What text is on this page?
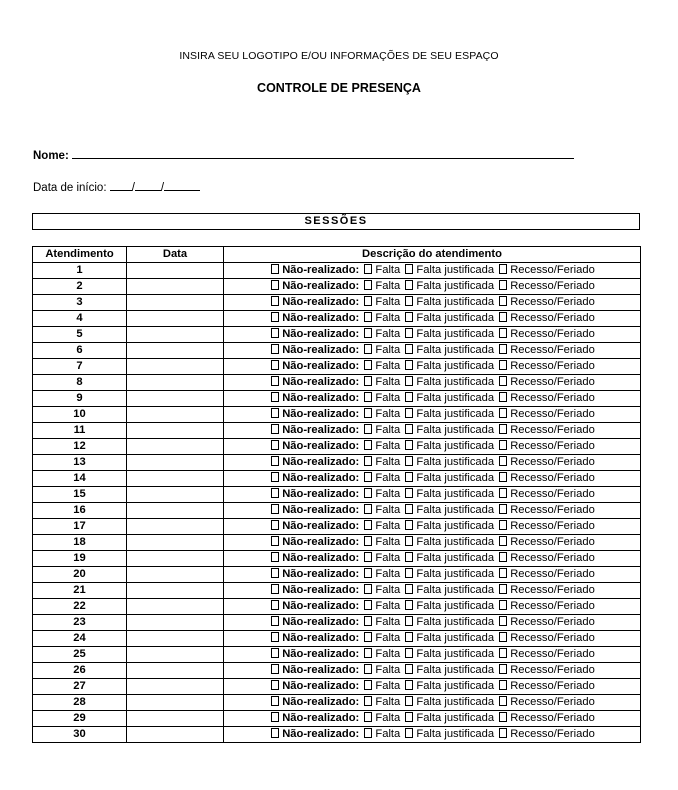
INSIRA SEU LOGOTIPO E/OU INFORMAÇÕES DE SEU ESPAÇO
CONTROLE DE PRESENÇA
Nome:
Data de início: / /
SESSÕES
Atendimento	Data	Descrição do atendimento
1		Não-realizado: Falta Falta justificada Recesso/Feriado
2		Não-realizado: Falta Falta justificada Recesso/Feriado
3		Não-realizado: Falta Falta justificada Recesso/Feriado
4		Não-realizado: Falta Falta justificada Recesso/Feriado
5		Não-realizado: Falta Falta justificada Recesso/Feriado
6		Não-realizado: Falta Falta justificada Recesso/Feriado
7		Não-realizado: Falta Falta justificada Recesso/Feriado
8		Não-realizado: Falta Falta justificada Recesso/Feriado
9		Não-realizado: Falta Falta justificada Recesso/Feriado
10		Não-realizado: Falta Falta justificada Recesso/Feriado
11		Não-realizado: Falta Falta justificada Recesso/Feriado
12		Não-realizado: Falta Falta justificada Recesso/Feriado
13		Não-realizado: Falta Falta justificada Recesso/Feriado
14		Não-realizado: Falta Falta justificada Recesso/Feriado
15		Não-realizado: Falta Falta justificada Recesso/Feriado
16		Não-realizado: Falta Falta justificada Recesso/Feriado
17		Não-realizado: Falta Falta justificada Recesso/Feriado
18		Não-realizado: Falta Falta justificada Recesso/Feriado
19		Não-realizado: Falta Falta justificada Recesso/Feriado
20		Não-realizado: Falta Falta justificada Recesso/Feriado
21		Não-realizado: Falta Falta justificada Recesso/Feriado
22		Não-realizado: Falta Falta justificada Recesso/Feriado
23		Não-realizado: Falta Falta justificada Recesso/Feriado
24		Não-realizado: Falta Falta justificada Recesso/Feriado
25		Não-realizado: Falta Falta justificada Recesso/Feriado
26		Não-realizado: Falta Falta justificada Recesso/Feriado
27		Não-realizado: Falta Falta justificada Recesso/Feriado
28		Não-realizado: Falta Falta justificada Recesso/Feriado
29		Não-realizado: Falta Falta justificada Recesso/Feriado
30		Não-realizado: Falta Falta justificada Recesso/Feriado
